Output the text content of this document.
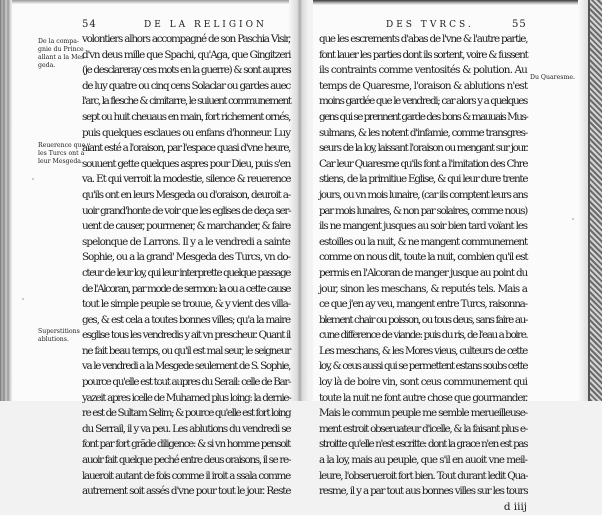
54	DE LA RELIGION
De la compa-
gnie du Prince
allant a la Mes
geda.
Reuerence que
les Turcs ont a
leur Mesgeda.
Superstitions
ablutions.
volontiers alhors accompagné de son Paschia Visir,
d'vn deus mille que Spachi, qu'Aga, que Gingitzeri
(je desclareray ces mots en la guerre) & sont aupres
de luy quatre ou cinq cens Solaclar ou gardes auec
l'arc, la flesche & cimitarre, le suiuent communement
sept ou huit cheuaus en main, fort richement ornés,
puis quelques esclaues ou enfans d'honneur. Luy
aïant esté a l'oraison, par l'espace quasi d'vne heure,
souuent gette quelques aspres pour Dieu, puis s'en
va. Et qui verroit la modestie, silence & reuerence
qu'ils ont en leurs Mesgeda ou d'oraison, deuroit a-
uoir grand'honte de voir que les eglises de deça ser-
uent de causer, pourmener, & marchander, & faire
spelonque de Larrons. Il y a le vendredi a sainte
Sophie, ou a la grand' Mesgeda des Turcs, vn do-
cteur de leur loy, qui leur interprette quelque passage
de l'Alcoran, par mode de sermon: la ou a cette cause
tout le simple peuple se trouue, & y vient des villa-
ges, & est cela a toutes bonnes villes; qu'a la maire
esglise tous les vendredis y ait vn prescheur. Quant il
ne fait beau temps, ou qu'il est mal seur, le seigneur
va le vendredi a la Mesgede seulement de S. Sophie,
pource qu'elle est tout aupres du Serail: celle de Bar-
yazeit apres icelle de Muhamed plus loing: la dernie-
re est de Sultam Selim; & pource qu'elle est fort loing
du Serrail, il y va peu. Les ablutions du vendredi se
font par fort grãde diligence: & si vn homme pensoit
auoir fait quelque peché entre deus oraisons, il se re-
laueroit autant de fois comme il iroit a ssala comme
autrement soit assés d'vne pour tout le jour. Reste
DES TVRCS.	55
que les escrements d'abas de l'vne & l'autre partie,
font lauer les parties dont ils sortent, voire & fussent
ils contraints comme ventosités & polution. Au
temps de Quaresme, l'oraison & ablutions n'est
moins gardée que le vendredi; car alors y a quelques
gens qui se prennent garde des bons & mauuais Mus-
sulmans, & les notent d'infamie, comme transgres-
seurs de la loy, laissant l'oraison ou mengant sur jour.
Car leur Quaresme qu'ils font a l'imitation des Chre
stiens, de la primitiue Eglise, & qui leur dure trente
jours, ou vn mois lunaire, (car ils comptent leurs ans
par mois lunaires, & non par solaires, comme nous)
ils ne mangent jusques au soir bien tard voïant les
estoilles ou la nuit, & ne mangent communement
comme on nous dit, toute la nuit, combien qu'il est
permis en l'Alcoran de manger jusque au point du
jour, sinon les meschans, & reputés tels. Mais a
ce que j'en ay veu, mangent entre Turcs, raisonna-
blement chair ou poisson, ou tous deus, sans faire au-
cune difference de viande: puis du ris, de l'eau a boire.
Les meschans, & les Mores vieus, culteurs de cette
loy, & ceus aussi qui se permettent estans soubs cette
loy là de boire vin, sont ceus communement qui
toute la nuit ne font autre chose que gourmander.
Mais le commun peuple me semble merueilleuse-
ment estroit obseruateur d'icelle, & la faisant plus e-
stroitte qu'elle n'est escritte: dont la grace n'en est pas
a la loy, mais au peuple, que s'il en auoit vne meil-
leure, l'obserueroit fort bien. Tout durant ledit Qua-
resme, il y a par tout aus bonnes villes sur les tours
d iiij
Du Quaresme.
